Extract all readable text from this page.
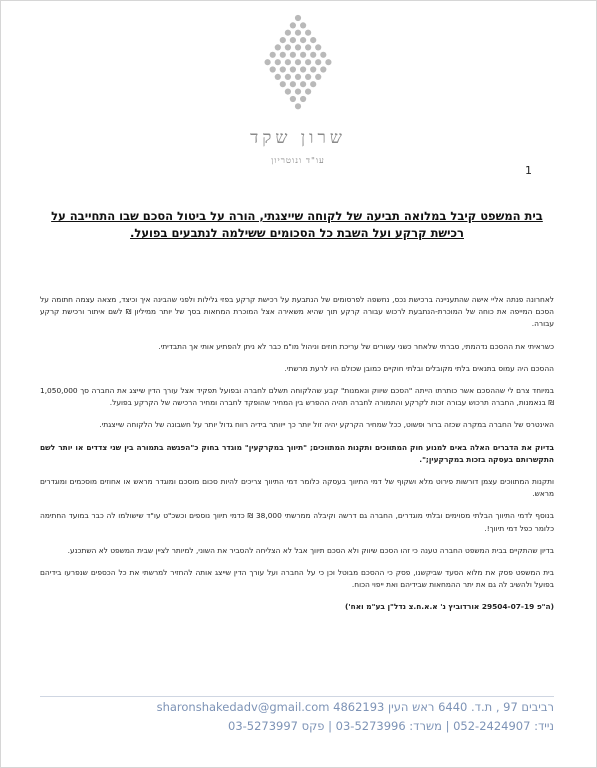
שרון שקד
עו"ד ונוטריון
1
בית המשפט קיבל במלואה תביעה של לקוחה שייצגתי, הורה על ביטול הסכם שבו התחייבה על רכישת קרקע ועל השבת כל הסכומים ששילמה לנתבעים בפועל.

לאחרונה פנתה אליי אישה שהתעניינה ברכישת נכס, נחשפה לפרסומים של הנתבעת על רכישת קרקע בפזי גלילות ולפני שהבינה איך וכיצד, מצאה עצמה חתומה על הסכם המייפה את כוחה של המוכרת-הנתבעת לרכוש עבורה קרקע תוך שהיא משאירה אצל המוכרת המחאות בסך של יותר ממיליון ₪ לשם איתור ורכישת קרקע עבורה.

כשראיתי את ההסכם נדהמתי, סברתי שלאחר כשני עשורים של עריכת חוזים וניהול מו"מ כבר לא ניתן להפתיע אותי אך התבדיתי.

ההסכם היה עמוס בתנאים בלתי מקובלים ובלתי חוקיים כמובן שכולם היו לרעת מרשתי.

במיוחד צרם לי שההסכם אשר כותרתו הייתה "הסכם שיווק ונאמנות" קבע שהלקוחה תשלם לחברה ובפועל תפקיד אצל עורך הדין שייצג את החברה סך 1,050,000 ₪ בנאמנות, החברה תרכוש עבורה זכות לקרקע והתמורה לחברה תהיה ההפרש בין המחיר שהופקד לחברה ומחיר הרכישה של הקרקע בפועל.

האינטרס של החברה במקרה שכזה ברור ופשוט, ככל שמחיר הקרקע יהיה זול יותר כך ייוותר בידיה רווח גדול יותר על חשבונה של הלקוחה שייצגתי.

בדיוק את הדברים האלה באים למנוע חוק המתווכים ותקנות המתווכים; "תיווך במקרקעין" מוגדר בחוק כ"הפגשה בתמורה בין שני צדדים או יותר לשם התקשרותם בעסקה בזכות במקרקעין;".

ותקנות המתווכים עצמן דורשות פירוט מלא ושקוף של דמי התיווך בעסקה כלומר דמי התיווך צריכים להיות סכום מוסכם ומוגדר מראש או אחוזים מוסכמים ומוגדרים מראש.

בנוסף לדמי התיווך הבלתי מסוימים ובלתי מוגדרים, החברה גם דרשה וקיבלה ממרשתי 38,000 ₪ כדמי תיווך נוספים וכשכ"ט עו"ד שישולמו לה כבר במועד החתימה כלומר כפל דמי תיווך!.

בדיון שהתקיים בבית המשפט החברה טענה כי זהו הסכם שיווק ולא הסכם תיווך אבל לא הצליחה להסביר את השוני, למיותר לציין שבית המשפט לא השתכנע.

בית המשפט פסק את מלוא הסעד שביקשנו, פסק כי ההסכם מבוטל וכן כי על החברה ועל עורך הדין שייצג אותה להחזיר למרשתי את כל הכספים שנפרעו בידיהם בפועל ולהשיב לה גם את יתר ההמחאות שבידיהם ואת ייפוי הכוח.

(ה"פ 29504-07-19 אורדוביץ נ' א.א.ח.צ נדל"ן בע"מ ואח')

רביבים 97 , ת.ד. 6440 ראש העין 4862193 sharonshakedadv@gmail.com
נייד: 052-2424907 | משרד: 03-5273996 | פקס 03-5273997
